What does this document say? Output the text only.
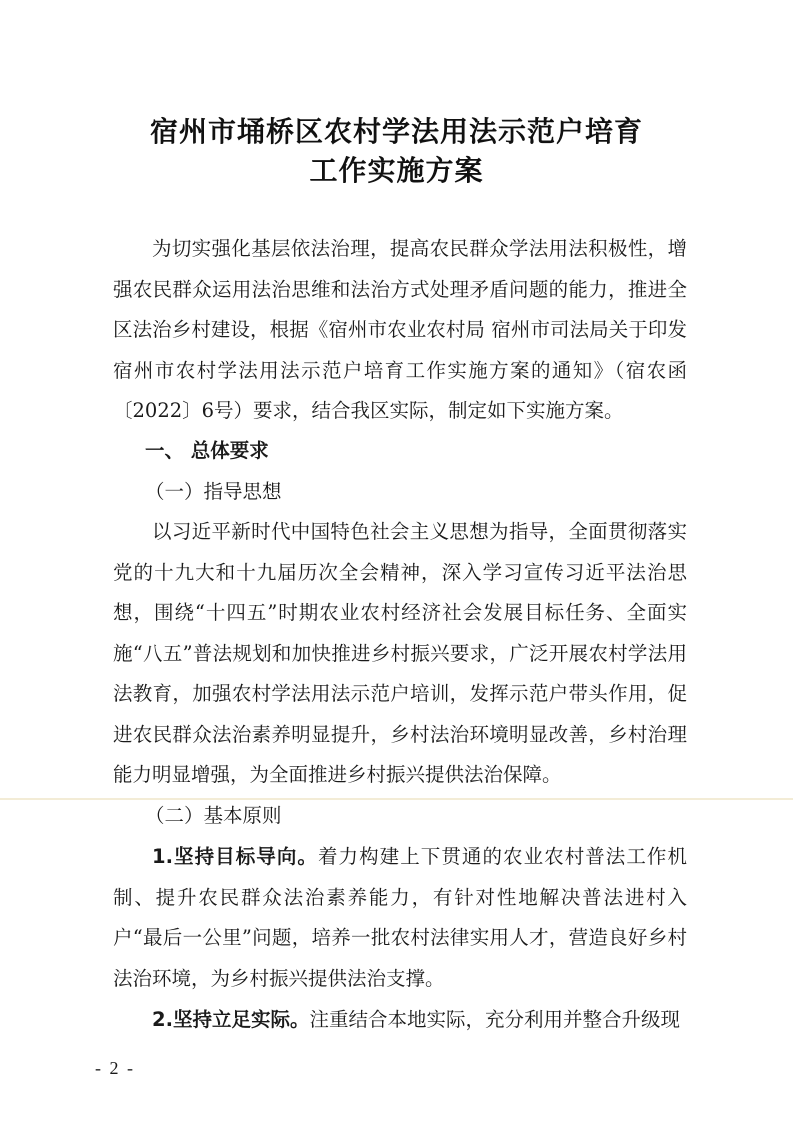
宿州市埇桥区农村学法用法示范户培育
工作实施方案
为切实强化基层依法治理，提高农民群众学法用法积极性，增强农民群众运用法治思维和法治方式处理矛盾问题的能力，推进全区法治乡村建设，根据《宿州市农业农村局 宿州市司法局关于印发宿州市农村学法用法示范户培育工作实施方案的通知》（宿农函〔2022〕6号）要求，结合我区实际，制定如下实施方案。
一、 总体要求
（一）指导思想
以习近平新时代中国特色社会主义思想为指导，全面贯彻落实党的十九大和十九届历次全会精神，深入学习宣传习近平法治思想，围绕“十四五”时期农业农村经济社会发展目标任务、全面实施“八五”普法规划和加快推进乡村振兴要求，广泛开展农村学法用法教育，加强农村学法用法示范户培训，发挥示范户带头作用，促进农民群众法治素养明显提升，乡村法治环境明显改善，乡村治理能力明显增强，为全面推进乡村振兴提供法治保障。
（二）基本原则
1.坚持目标导向。着力构建上下贯通的农业农村普法工作机制、提升农民群众法治素养能力，有针对性地解决普法进村入户“最后一公里”问题，培养一批农村法律实用人才，营造良好乡村法治环境，为乡村振兴提供法治支撑。
2.坚持立足实际。注重结合本地实际，充分利用并整合升级现
- 2 -
